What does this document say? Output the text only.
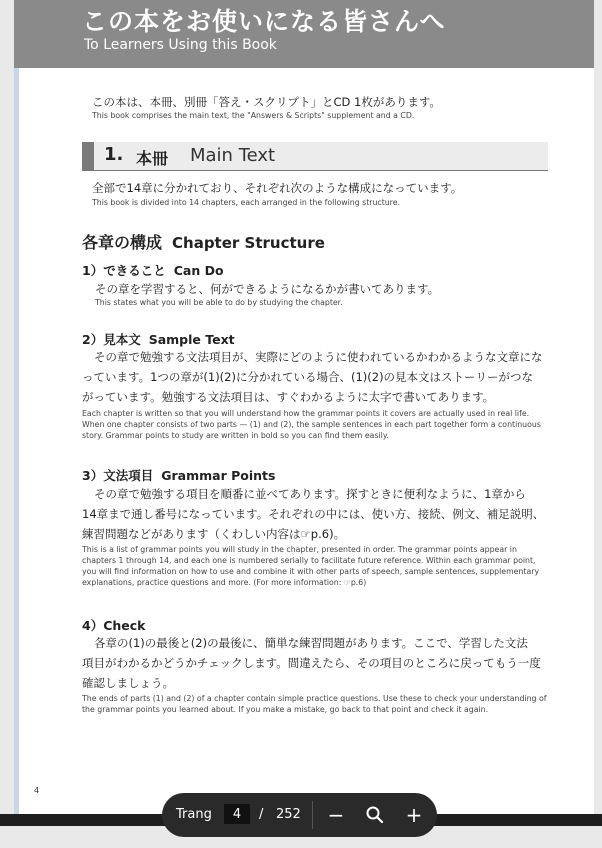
この本をお使いになる皆さんへ
To Learners Using this Book
この本は、本冊、別冊「答え・スクリプト」とCD 1枚があります。
This book comprises the main text, the "Answers & Scripts" supplement and a CD.
1. 本冊 Main Text
全部で14章に分かれており、それぞれ次のような構成になっています。
This book is divided into 14 chapters, each arranged in the following structure.
各章の構成 Chapter Structure
1）できること Can Do
その章を学習すると、何ができるようになるかが書いてあります。
This states what you will be able to do by studying the chapter.
2）見本文 Sample Text
その章で勉強する文法項目が、実際にどのように使われているかわかるような文章にな
っています。1つの章が(1)(2)に分かれている場合、(1)(2)の見本文はストーリーがつな
がっています。勉強する文法項目は、すぐわかるように太字で書いてあります。
Each chapter is written so that you will understand how the grammar points it covers are actually used in real life. When one chapter consists of two parts — (1) and (2), the sample sentences in each part together form a continuous story. Grammar points to study are written in bold so you can find them easily.
3）文法項目 Grammar Points
その章で勉強する項目を順番に並べてあります。探すときに便利なように、1章から
14章まで通し番号になっています。それぞれの中には、使い方、接続、例文、補足説明、
練習問題などがあります（くわしい内容は☞p.6)。
This is a list of grammar points you will study in the chapter, presented in order. The grammar points appear in chapters 1 through 14, and each one is numbered serially to facilitate future reference. Within each grammar point, you will find information on how to use and combine it with other parts of speech, sample sentences, supplementary explanations, practice questions and more. (For more information: ☞p.6)
4）Check
各章の(1)の最後と(2)の最後に、簡単な練習問題があります。ここで、学習した文法
項目がわかるかどうかチェックします。間違えたら、その項目のところに戻ってもう一度
確認しましょう。
The ends of parts (1) and (2) of a chapter contain simple practice questions. Use these to check your understanding of the grammar points you learned about. If you make a mistake, go back to that point and check it again.
4
Trang
4	/ 252 −	+
